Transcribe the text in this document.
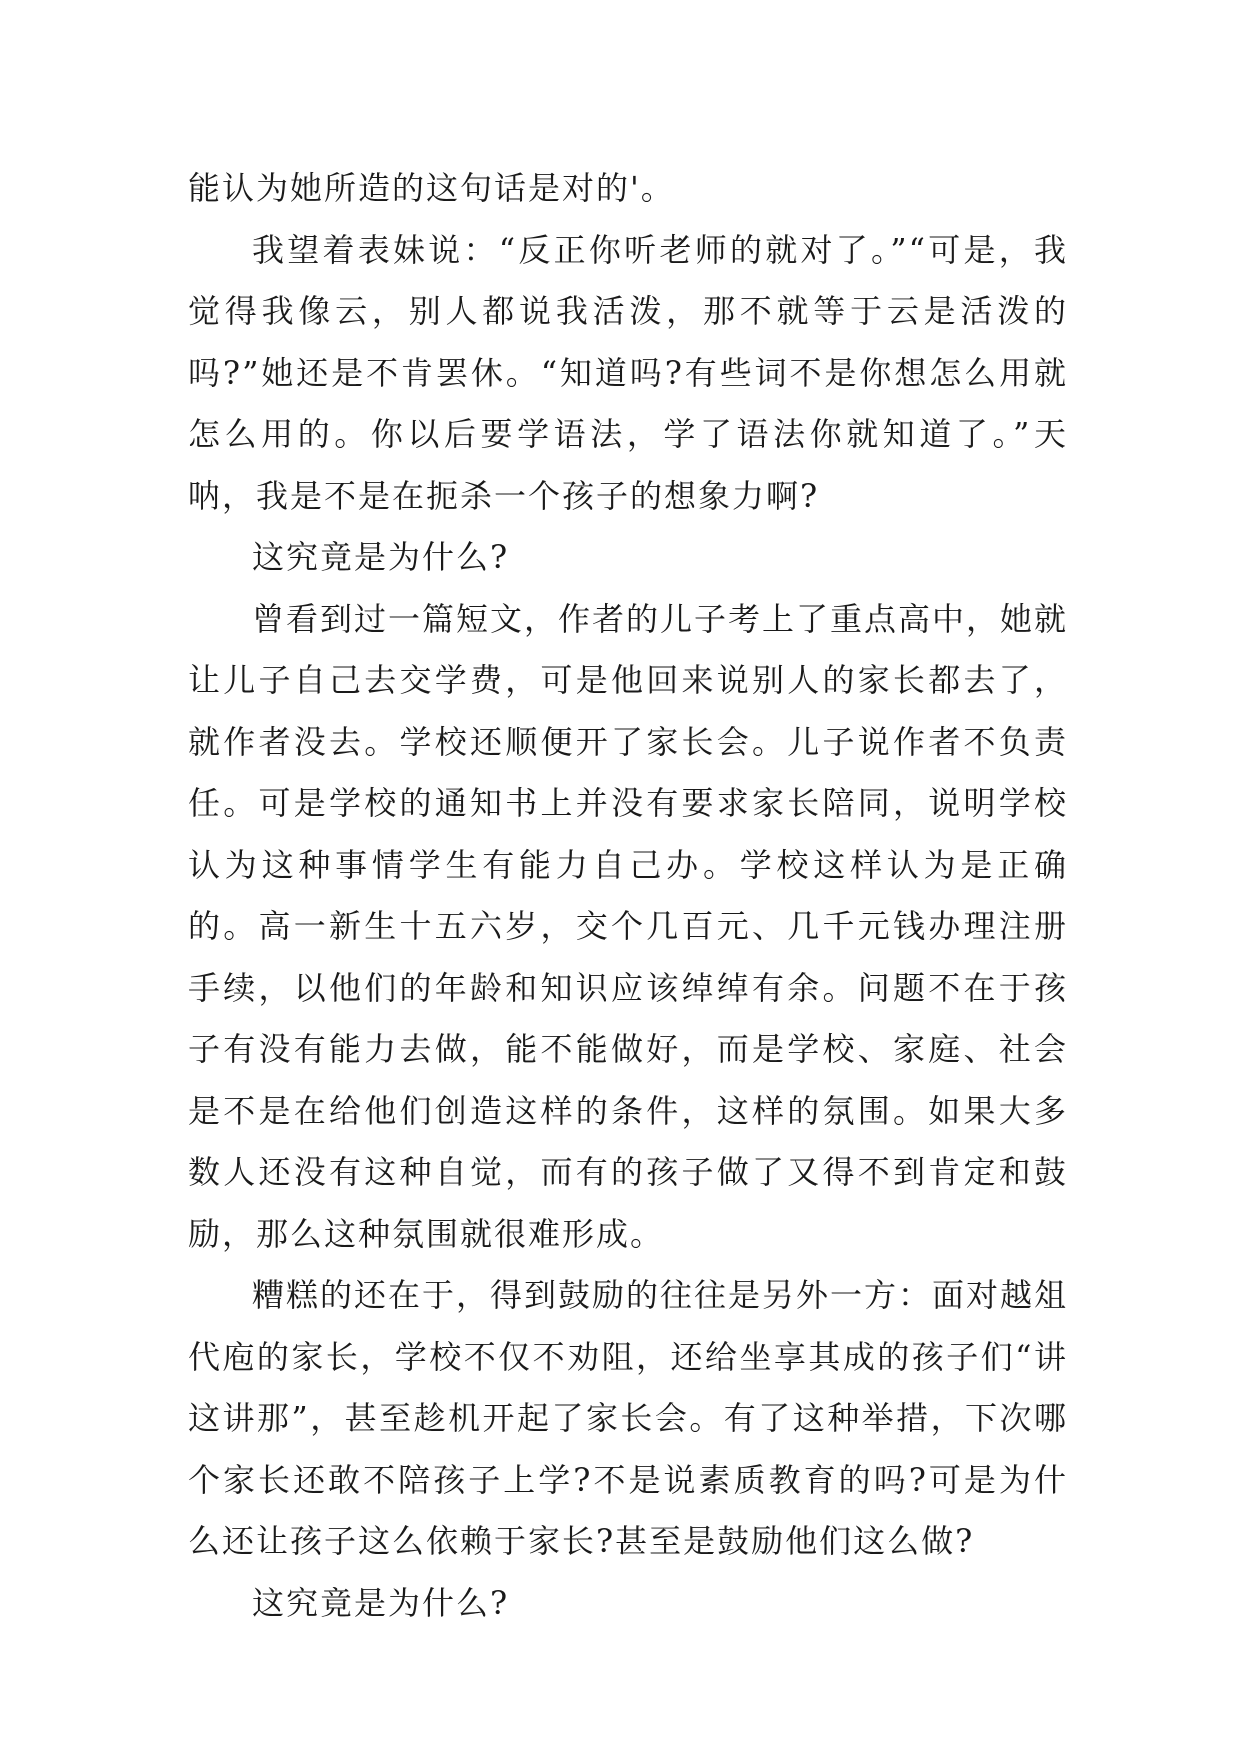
能认为她所造的这句话是对的'。

我望着表妹说：“反正你听老师的就对了。”“可是，我觉得我像云，别人都说我活泼，那不就等于云是活泼的吗?”她还是不肯罢休。“知道吗?有些词不是你想怎么用就怎么用的。你以后要学语法，学了语法你就知道了。”天呐，我是不是在扼杀一个孩子的想象力啊?

这究竟是为什么?

曾看到过一篇短文，作者的儿子考上了重点高中，她就让儿子自己去交学费，可是他回来说别人的家长都去了，就作者没去。学校还顺便开了家长会。儿子说作者不负责任。可是学校的通知书上并没有要求家长陪同，说明学校认为这种事情学生有能力自己办。学校这样认为是正确的。高一新生十五六岁，交个几百元、几千元钱办理注册手续，以他们的年龄和知识应该绰绰有余。问题不在于孩子有没有能力去做，能不能做好，而是学校、家庭、社会是不是在给他们创造这样的条件，这样的氛围。如果大多数人还没有这种自觉，而有的孩子做了又得不到肯定和鼓励，那么这种氛围就很难形成。

糟糕的还在于，得到鼓励的往往是另外一方：面对越俎代庖的家长，学校不仅不劝阻，还给坐享其成的孩子们“讲这讲那”，甚至趁机开起了家长会。有了这种举措，下次哪个家长还敢不陪孩子上学?不是说素质教育的吗?可是为什么还让孩子这么依赖于家长?甚至是鼓励他们这么做?

这究竟是为什么?
